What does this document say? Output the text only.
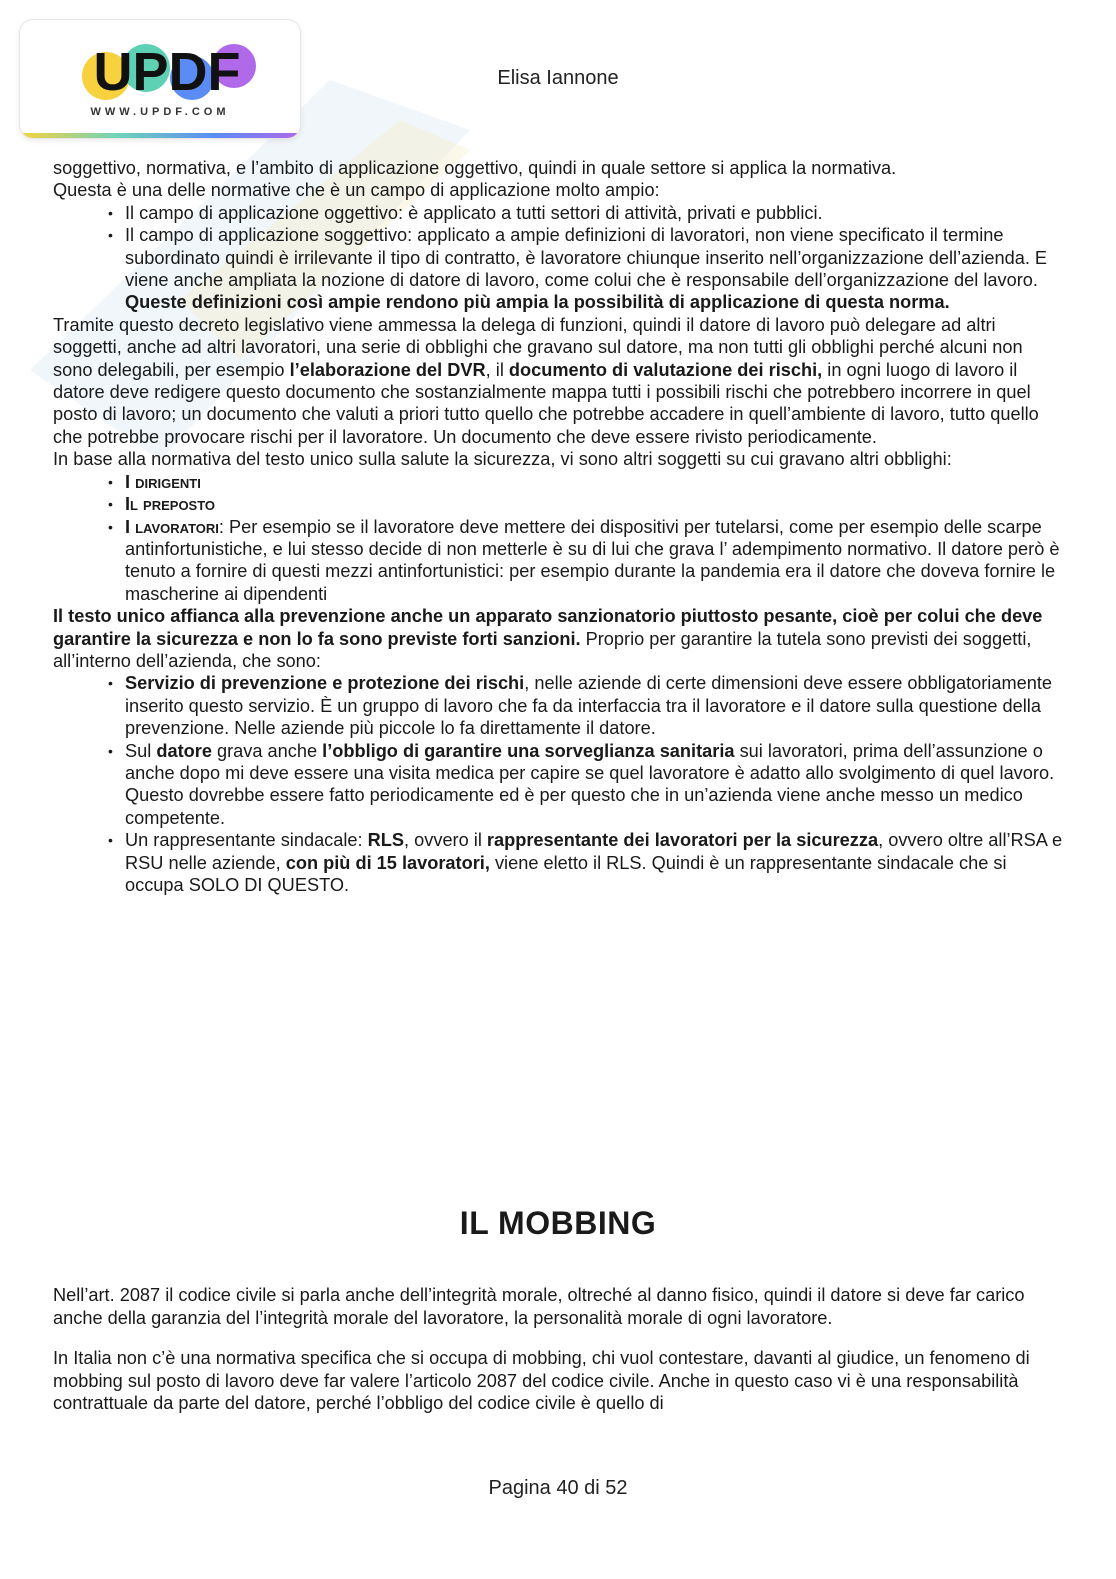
UPDF
WWW.UPDF.COM
Elisa Iannone

soggettivo, normativa, e l’ambito di applicazione oggettivo, quindi in quale settore si applica la normativa.

Questa è una delle normative che è un campo di applicazione molto ampio:

• Il campo di applicazione oggettivo: è applicato a tutti settori di attività, privati e pubblici.
• Il campo di applicazione soggettivo: applicato a ampie definizioni di lavoratori, non viene specificato il termine subordinato quindi è irrilevante il tipo di contratto, è lavoratore chiunque inserito nell’organizzazione dell’azienda. E viene anche ampliata la nozione di datore di lavoro, come colui che è responsabile dell’organizzazione del lavoro. Queste definizioni così ampie rendono più ampia la possibilità di applicazione di questa norma.

Tramite questo decreto legislativo viene ammessa la delega di funzioni, quindi il datore di lavoro può delegare ad altri soggetti, anche ad altri lavoratori, una serie di obblighi che gravano sul datore, ma non tutti gli obblighi perché alcuni non sono delegabili, per esempio l’elaborazione del DVR, il documento di valutazione dei rischi, in ogni luogo di lavoro il datore deve redigere questo documento che sostanzialmente mappa tutti i possibili rischi che potrebbero incorrere in quel posto di lavoro; un documento che valuti a priori tutto quello che potrebbe accadere in quell’ambiente di lavoro, tutto quello che potrebbe provocare rischi per il lavoratore. Un documento che deve essere rivisto periodicamente.

In base alla normativa del testo unico sulla salute la sicurezza, vi sono altri soggetti su cui gravano altri obblighi:

• I dirigenti
• Il preposto
• I lavoratori: Per esempio se il lavoratore deve mettere dei dispositivi per tutelarsi, come per esempio delle scarpe antinfortunistiche, e lui stesso decide di non metterle è su di lui che grava l’ adempimento normativo. Il datore però è tenuto a fornire di questi mezzi antinfortunistici: per esempio durante la pandemia era il datore che doveva fornire le mascherine ai dipendenti

Il testo unico affianca alla prevenzione anche un apparato sanzionatorio piuttosto pesante, cioè per colui che deve garantire la sicurezza e non lo fa sono previste forti sanzioni. Proprio per garantire la tutela sono previsti dei soggetti, all’interno dell’azienda, che sono:

• Servizio di prevenzione e protezione dei rischi, nelle aziende di certe dimensioni deve essere obbligatoriamente inserito questo servizio. È un gruppo di lavoro che fa da interfaccia tra il lavoratore e il datore sulla questione della prevenzione. Nelle aziende più piccole lo fa direttamente il datore.
• Sul datore grava anche l’obbligo di garantire una sorveglianza sanitaria sui lavoratori, prima dell’assunzione o anche dopo mi deve essere una visita medica per capire se quel lavoratore è adatto allo svolgimento di quel lavoro. Questo dovrebbe essere fatto periodicamente ed è per questo che in un’azienda viene anche messo un medico competente.
• Un rappresentante sindacale: RLS, ovvero il rappresentante dei lavoratori per la sicurezza, ovvero oltre all’RSA e RSU nelle aziende, con più di 15 lavoratori, viene eletto il RLS. Quindi è un rappresentante sindacale che si occupa SOLO DI QUESTO.
IL MOBBING

Nell’art. 2087 il codice civile si parla anche dell’integrità morale, oltreché al danno fisico, quindi il datore si deve far carico anche della garanzia del l’integrità morale del lavoratore, la personalità morale di ogni lavoratore.

In Italia non c’è una normativa specifica che si occupa di mobbing, chi vuol contestare, davanti al giudice, un fenomeno di mobbing sul posto di lavoro deve far valere l’articolo 2087 del codice civile. Anche in questo caso vi è una responsabilità contrattuale da parte del datore, perché l’obbligo del codice civile è quello di

Pagina 40 di 52
